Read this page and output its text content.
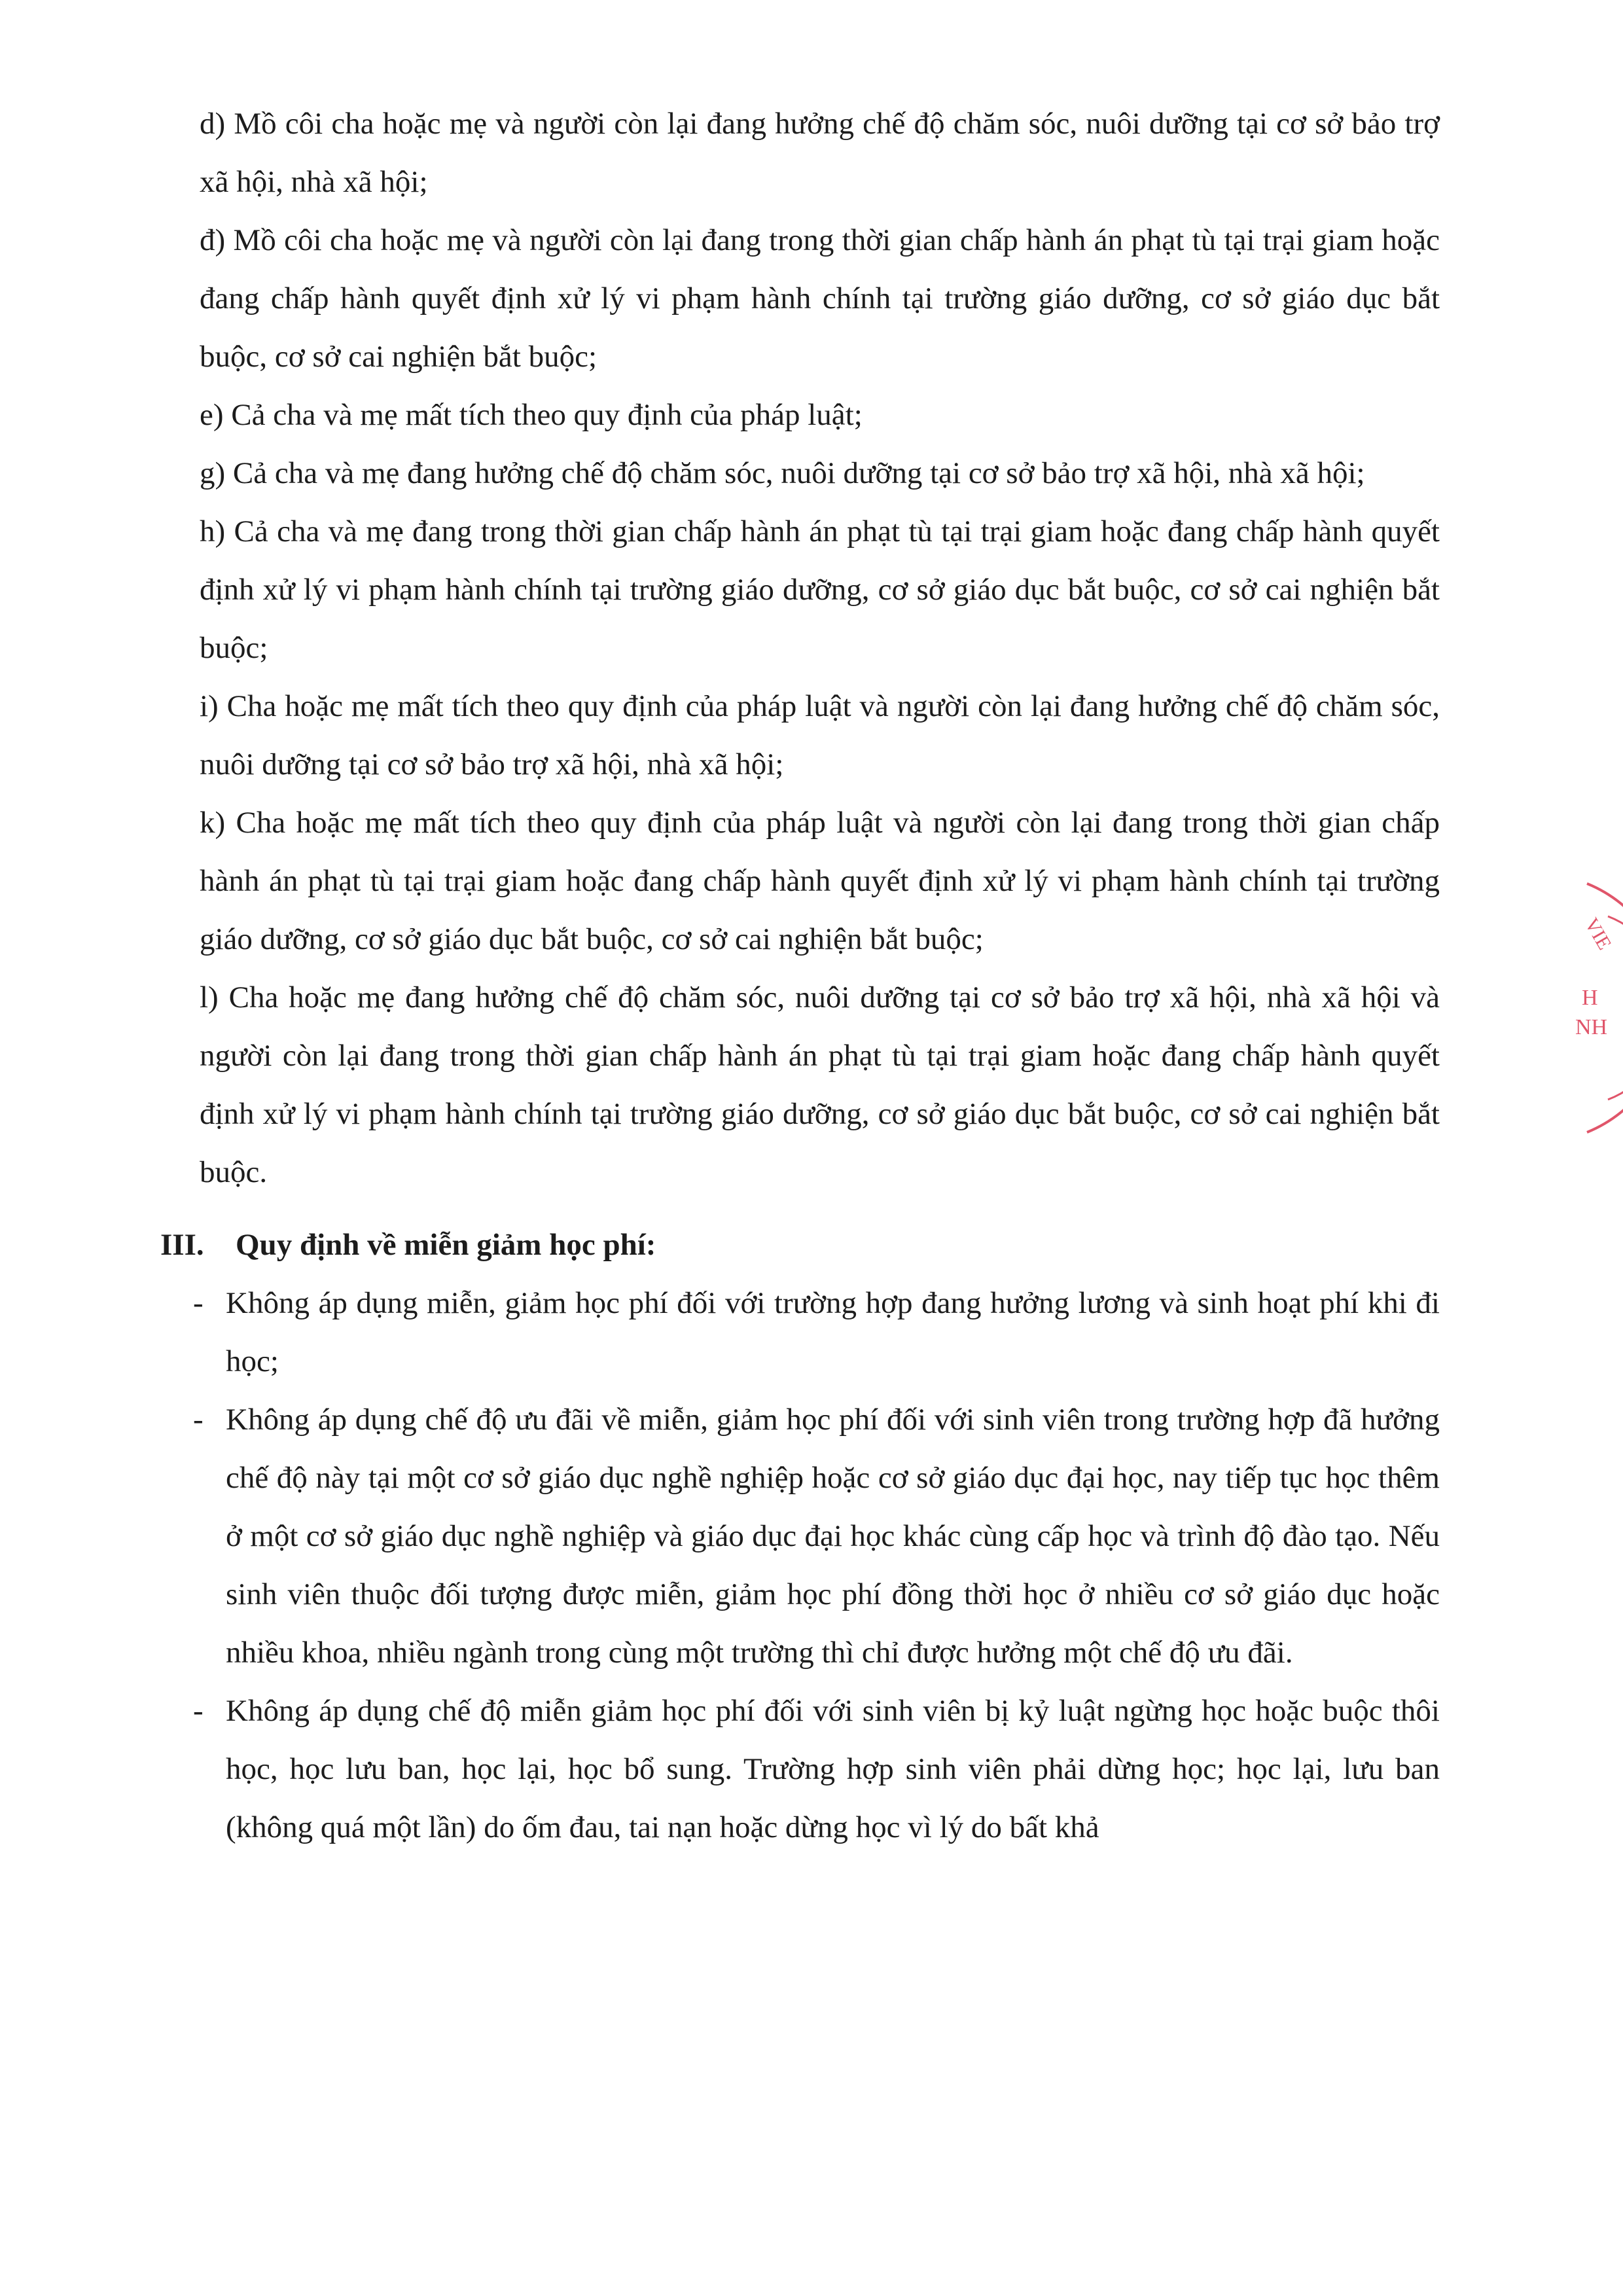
d) Mồ côi cha hoặc mẹ và người còn lại đang hưởng chế độ chăm sóc, nuôi dưỡng tại cơ sở bảo trợ xã hội, nhà xã hội;

đ) Mồ côi cha hoặc mẹ và người còn lại đang trong thời gian chấp hành án phạt tù tại trại giam hoặc đang chấp hành quyết định xử lý vi phạm hành chính tại trường giáo dưỡng, cơ sở giáo dục bắt buộc, cơ sở cai nghiện bắt buộc;

e) Cả cha và mẹ mất tích theo quy định của pháp luật;

g) Cả cha và mẹ đang hưởng chế độ chăm sóc, nuôi dưỡng tại cơ sở bảo trợ xã hội, nhà xã hội;

h) Cả cha và mẹ đang trong thời gian chấp hành án phạt tù tại trại giam hoặc đang chấp hành quyết định xử lý vi phạm hành chính tại trường giáo dưỡng, cơ sở giáo dục bắt buộc, cơ sở cai nghiện bắt buộc;

i) Cha hoặc mẹ mất tích theo quy định của pháp luật và người còn lại đang hưởng chế độ chăm sóc, nuôi dưỡng tại cơ sở bảo trợ xã hội, nhà xã hội;

k) Cha hoặc mẹ mất tích theo quy định của pháp luật và người còn lại đang trong thời gian chấp hành án phạt tù tại trại giam hoặc đang chấp hành quyết định xử lý vi phạm hành chính tại trường giáo dưỡng, cơ sở giáo dục bắt buộc, cơ sở cai nghiện bắt buộc;

l) Cha hoặc mẹ đang hưởng chế độ chăm sóc, nuôi dưỡng tại cơ sở bảo trợ xã hội, nhà xã hội và người còn lại đang trong thời gian chấp hành án phạt tù tại trại giam hoặc đang chấp hành quyết định xử lý vi phạm hành chính tại trường giáo dưỡng, cơ sở giáo dục bắt buộc, cơ sở cai nghiện bắt buộc.

III.	Quy định về miễn giảm học phí:
- Không áp dụng miễn, giảm học phí đối với trường hợp đang hưởng lương và sinh hoạt phí khi đi học;
- Không áp dụng chế độ ưu đãi về miễn, giảm học phí đối với sinh viên trong trường hợp đã hưởng chế độ này tại một cơ sở giáo dục nghề nghiệp hoặc cơ sở giáo dục đại học, nay tiếp tục học thêm ở một cơ sở giáo dục nghề nghiệp và giáo dục đại học khác cùng cấp học và trình độ đào tạo. Nếu sinh viên thuộc đối tượng được miễn, giảm học phí đồng thời học ở nhiều cơ sở giáo dục hoặc nhiều khoa, nhiều ngành trong cùng một trường thì chỉ được hưởng một chế độ ưu đãi.
- Không áp dụng chế độ miễn giảm học phí đối với sinh viên bị kỷ luật ngừng học hoặc buộc thôi học, học lưu ban, học lại, học bổ sung. Trường hợp sinh viên phải dừng học; học lại, lưu ban (không quá một lần) do ốm đau, tai nạn hoặc dừng học vì lý do bất khả
VIE
H
NH
